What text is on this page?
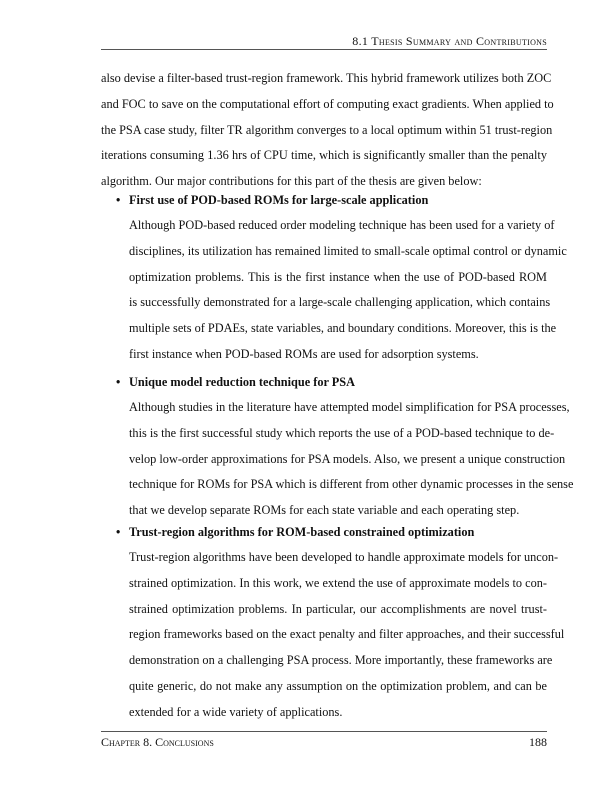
8.1 Thesis Summary and Contributions
also devise a filter-based trust-region framework. This hybrid framework utilizes both ZOC
and FOC to save on the computational effort of computing exact gradients. When applied to
the PSA case study, filter TR algorithm converges to a local optimum within 51 trust-region
iterations consuming 1.36 hrs of CPU time, which is significantly smaller than the penalty
algorithm. Our major contributions for this part of the thesis are given below:
• First use of POD-based ROMs for large-scale application
Although POD-based reduced order modeling technique has been used for a variety of
disciplines, its utilization has remained limited to small-scale optimal control or dynamic
optimization problems. This is the first instance when the use of POD-based ROM
is successfully demonstrated for a large-scale challenging application, which contains
multiple sets of PDAEs, state variables, and boundary conditions. Moreover, this is the
first instance when POD-based ROMs are used for adsorption systems.
• Unique model reduction technique for PSA
Although studies in the literature have attempted model simplification for PSA processes,
this is the first successful study which reports the use of a POD-based technique to de-
velop low-order approximations for PSA models. Also, we present a unique construction
technique for ROMs for PSA which is different from other dynamic processes in the sense
that we develop separate ROMs for each state variable and each operating step.
• Trust-region algorithms for ROM-based constrained optimization
Trust-region algorithms have been developed to handle approximate models for uncon-
strained optimization. In this work, we extend the use of approximate models to con-
strained optimization problems. In particular, our accomplishments are novel trust-
region frameworks based on the exact penalty and filter approaches, and their successful
demonstration on a challenging PSA process. More importantly, these frameworks are
quite generic, do not make any assumption on the optimization problem, and can be
extended for a wide variety of applications.
Chapter 8. Conclusions	188
